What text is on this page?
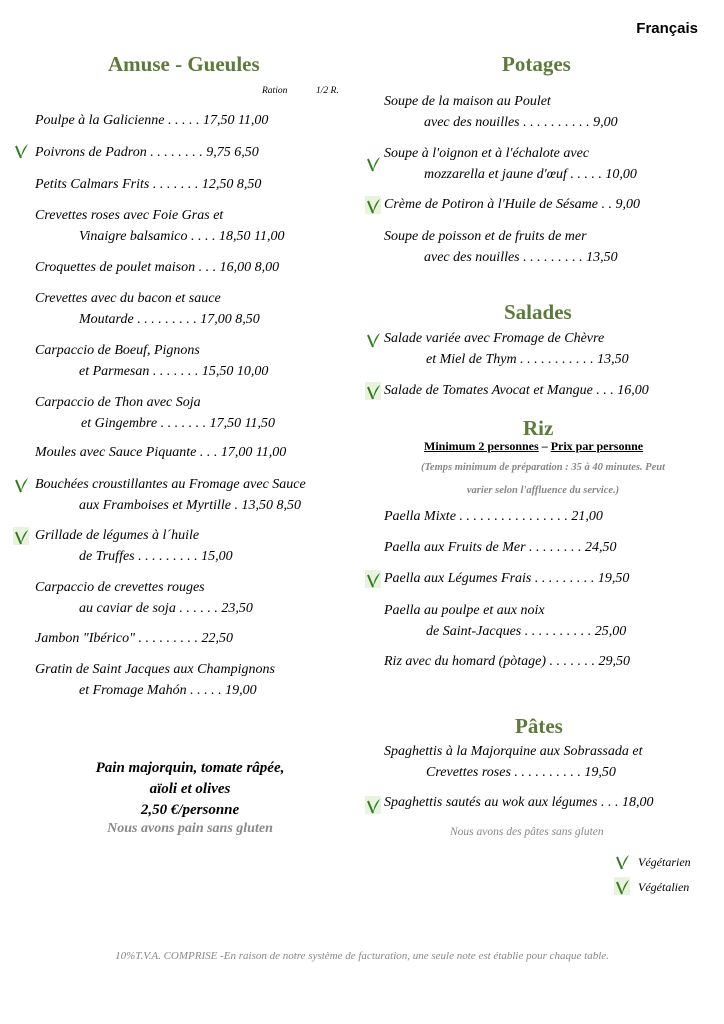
Français
Amuse - Gueules
Ration	1/2 R.
Poulpe à la Galicienne . . . . . 17,50 11,00
Poivrons de Padron . . . . . . . . 9,75 6,50
Petits Calmars Frits . . . . . . . 12,50 8,50
Crevettes roses avec Foie Gras et
Vinaigre balsamico . . . . 18,50 11,00
Croquettes de poulet maison . . . 16,00 8,00
Crevettes avec du bacon et sauce
Moutarde . . . . . . . . . 17,00 8,50
Carpaccio de Boeuf, Pignons
et Parmesan . . . . . . . 15,50 10,00
Carpaccio de Thon avec Soja
et Gingembre . . . . . . . 17,50 11,50
Moules avec Sauce Piquante . . . 17,00 11,00
Bouchées croustillantes au Fromage avec Sauce
aux Framboises et Myrtille . 13,50 8,50
Grillade de légumes à l´huile
de Truffes . . . . . . . . . 15,00
Carpaccio de crevettes rouges
au caviar de soja . . . . . . 23,50
Jambon "Ibérico" . . . . . . . . . 22,50
Gratin de Saint Jacques aux Champignons
et Fromage Mahón . . . . . 19,00
Pain majorquin, tomate râpée,
aïoli et olives
2,50 €/personne
Nous avons pain sans gluten
Potages
Soupe de la maison au Poulet
avec des nouilles . . . . . . . . . . 9,00
Soupe à l'oignon et à l'échalote avec
mozzarella et jaune d'œuf . . . . . 10,00
Crème de Potiron à l'Huile de Sésame . . 9,00
Soupe de poisson et de fruits de mer
avec des nouilles . . . . . . . . . 13,50
Salades
Salade variée avec Fromage de Chèvre
et Miel de Thym . . . . . . . . . . . 13,50
Salade de Tomates Avocat et Mangue . . . 16,00
Riz
Minimum 2 personnes – Prix par personne
(Temps minimum de préparation : 35 à 40 minutes. Peut
varier selon l'affluence du service.)
Paella Mixte . . . . . . . . . . . . . . . . 21,00
Paella aux Fruits de Mer . . . . . . . . 24,50
Paella aux Légumes Frais . . . . . . . . . 19,50
Paella au poulpe et aux noix
de Saint-Jacques . . . . . . . . . . 25,00
Riz avec du homard (pòtage) . . . . . . . 29,50
Pâtes
Spaghettis à la Majorquine aux Sobrassada et
Crevettes roses . . . . . . . . . . 19,50
Spaghettis sautés au wok aux légumes . . . 18,00
Nous avons des pâtes sans gluten
Végétarien
Végétalien
10%T.V.A. COMPRISE -En raison de notre système de facturation, une seule note est établie pour chaque table.
